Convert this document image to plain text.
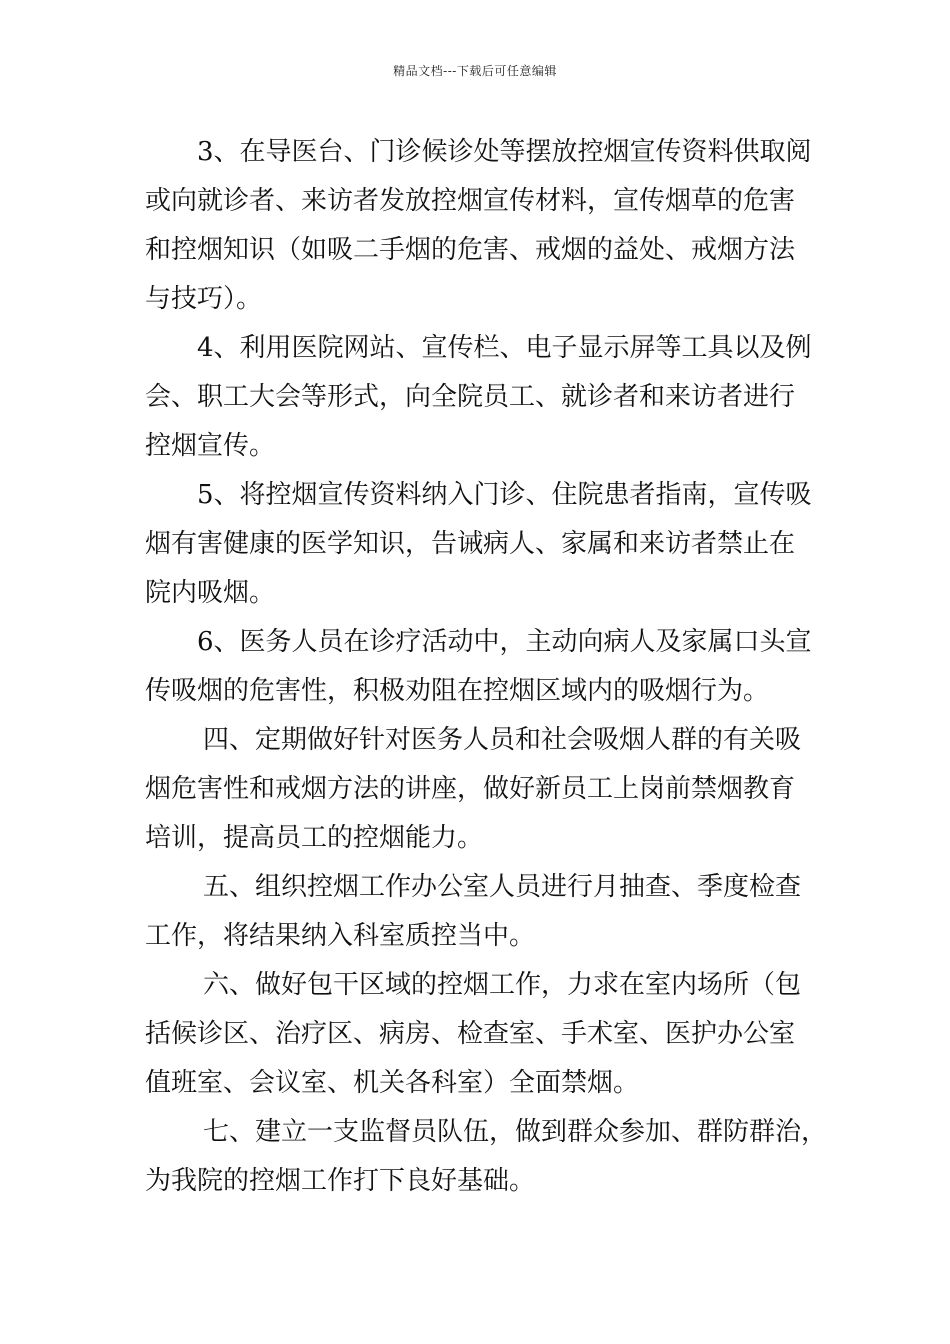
精品文档---下载后可任意编辑
3、在导医台、门诊候诊处等摆放控烟宣传资料供取阅
或向就诊者、来访者发放控烟宣传材料，宣传烟草的危害
和控烟知识（如吸二手烟的危害、戒烟的益处、戒烟方法
与技巧）。
4、利用医院网站、宣传栏、电子显示屏等工具以及例
会、职工大会等形式，向全院员工、就诊者和来访者进行
控烟宣传。
5、将控烟宣传资料纳入门诊、住院患者指南，宣传吸
烟有害健康的医学知识，告诫病人、家属和来访者禁止在
院内吸烟。
6、医务人员在诊疗活动中，主动向病人及家属口头宣
传吸烟的危害性，积极劝阻在控烟区域内的吸烟行为。
四、定期做好针对医务人员和社会吸烟人群的有关吸
烟危害性和戒烟方法的讲座，做好新员工上岗前禁烟教育
培训，提高员工的控烟能力。
五、组织控烟工作办公室人员进行月抽查、季度检查
工作，将结果纳入科室质控当中。
六、做好包干区域的控烟工作，力求在室内场所（包
括候诊区、治疗区、病房、检查室、手术室、医护办公室
值班室、会议室、机关各科室）全面禁烟。
七、建立一支监督员队伍，做到群众参加、群防群治，
为我院的控烟工作打下良好基础。
